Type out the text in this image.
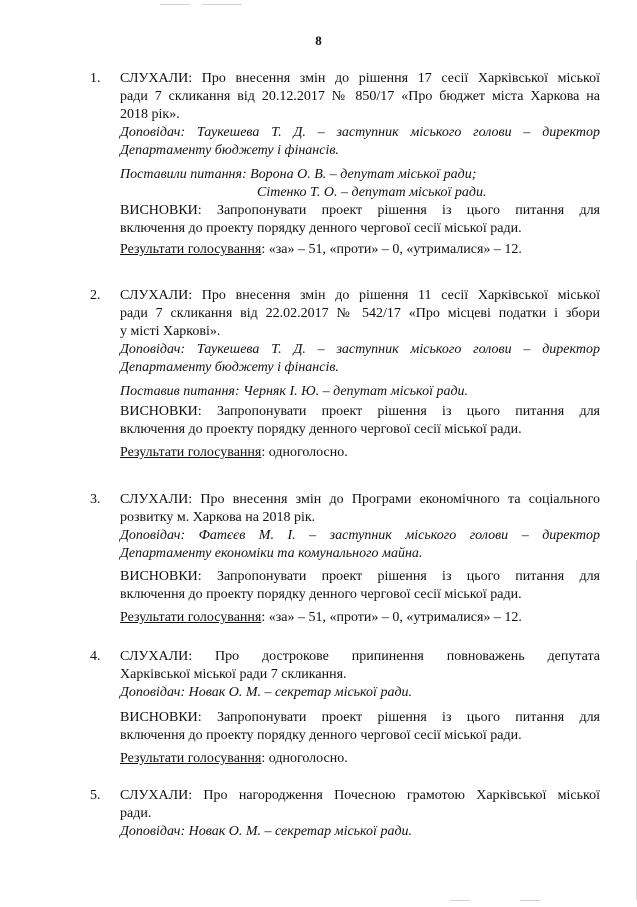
8
1. СЛУХАЛИ: Про внесення змін до рішення 17 сесії Харківської міської
ради 7 скликання від 20.12.2017 № 850/17 «Про бюджет міста Харкова на
2018 рік».
Доповідач: Таукешева Т. Д. – заступник міського голови – директор
Департаменту бюджету і фінансів.
Поставили питання: Ворона О. В. – депутат міської ради;
Сітенко Т. О. – депутат міської ради.
ВИСНОВКИ: Запропонувати проект рішення із цього питання для
включення до проекту порядку денного чергової сесії міської ради.
Результати голосування: «за» – 51, «проти» – 0, «утрималися» – 12.
2. СЛУХАЛИ: Про внесення змін до рішення 11 сесії Харківської міської
ради 7 скликання від 22.02.2017 № 542/17 «Про місцеві податки і збори
у місті Харкові».
Доповідач: Таукешева Т. Д. – заступник міського голови – директор
Департаменту бюджету і фінансів.
Поставив питання: Черняк І. Ю. – депутат міської ради.
ВИСНОВКИ: Запропонувати проект рішення із цього питання для
включення до проекту порядку денного чергової сесії міської ради.
Результати голосування: одноголосно.
3. СЛУХАЛИ: Про внесення змін до Програми економічного та соціального
розвитку м. Харкова на 2018 рік.
Доповідач: Фатєєв М. І. – заступник міського голови – директор
Департаменту економіки та комунального майна.
ВИСНОВКИ: Запропонувати проект рішення із цього питання для
включення до проекту порядку денного чергової сесії міської ради.
Результати голосування: «за» – 51, «проти» – 0, «утрималися» – 12.
4. СЛУХАЛИ: Про дострокове припинення повноважень депутата
Харківської міської ради 7 скликання.
Доповідач: Новак О. М. – секретар міської ради.
ВИСНОВКИ: Запропонувати проект рішення із цього питання для
включення до проекту порядку денного чергової сесії міської ради.
Результати голосування: одноголосно.
5. СЛУХАЛИ: Про нагородження Почесною грамотою Харківської міської
ради.
Доповідач: Новак О. М. – секретар міської ради.
